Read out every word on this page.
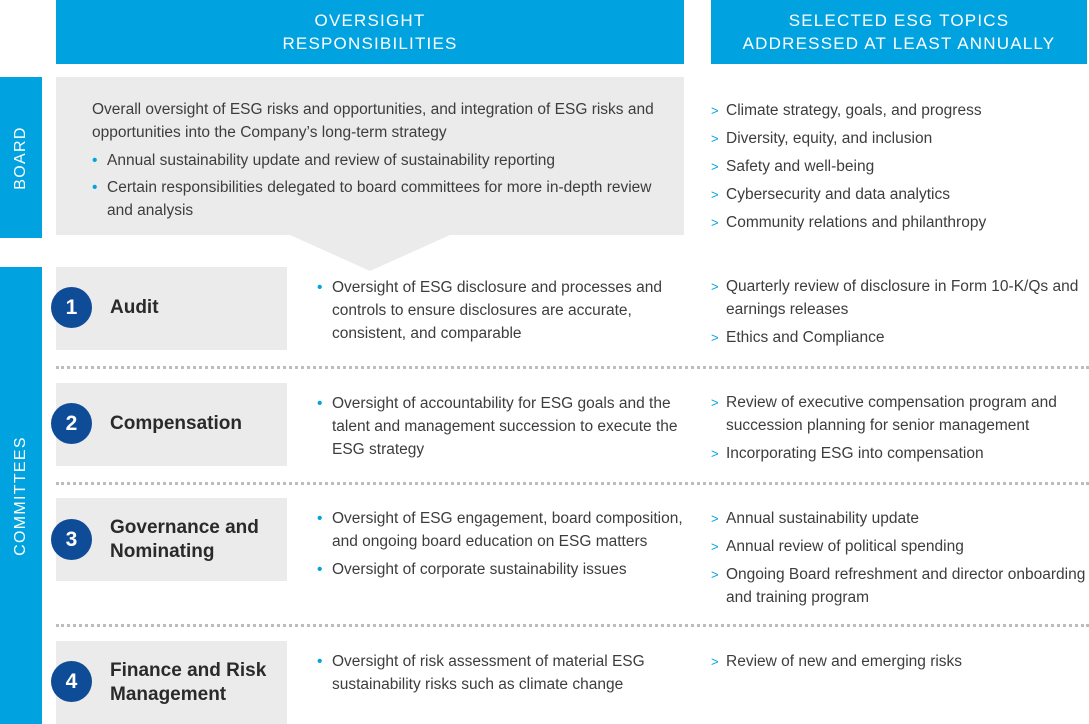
OVERSIGHT
RESPONSIBILITIES
SELECTED ESG TOPICS
ADDRESSED AT LEAST ANNUALLY
BOARD
COMMITTEES

Overall oversight of ESG risks and opportunities, and integration of ESG risks and opportunities into the Company’s long-term strategy

• Annual sustainability update and review of sustainability reporting
• Certain responsibilities delegated to board committees for more in-depth review and analysis
> Climate strategy, goals, and progress
> Diversity, equity, and inclusion
> Safety and well-being
> Cybersecurity and data analytics
> Community relations and philanthropy
1	Audit
• Oversight of ESG disclosure and processes and controls to ensure disclosures are accurate, consistent, and comparable
> Quarterly review of disclosure in Form 10-K/Qs and earnings releases
> Ethics and Compliance
2	Compensation
• Oversight of accountability for ESG goals and the talent and management succession to execute the ESG strategy
> Review of executive compensation program and succession planning for senior management
> Incorporating ESG into compensation
3	Governance and Nominating
• Oversight of ESG engagement, board composition, and ongoing board education on ESG matters
• Oversight of corporate sustainability issues
> Annual sustainability update
> Annual review of political spending
> Ongoing Board refreshment and director onboarding and training program
4	Finance and Risk Management
• Oversight of risk assessment of material ESG sustainability risks such as climate change
> Review of new and emerging risks
